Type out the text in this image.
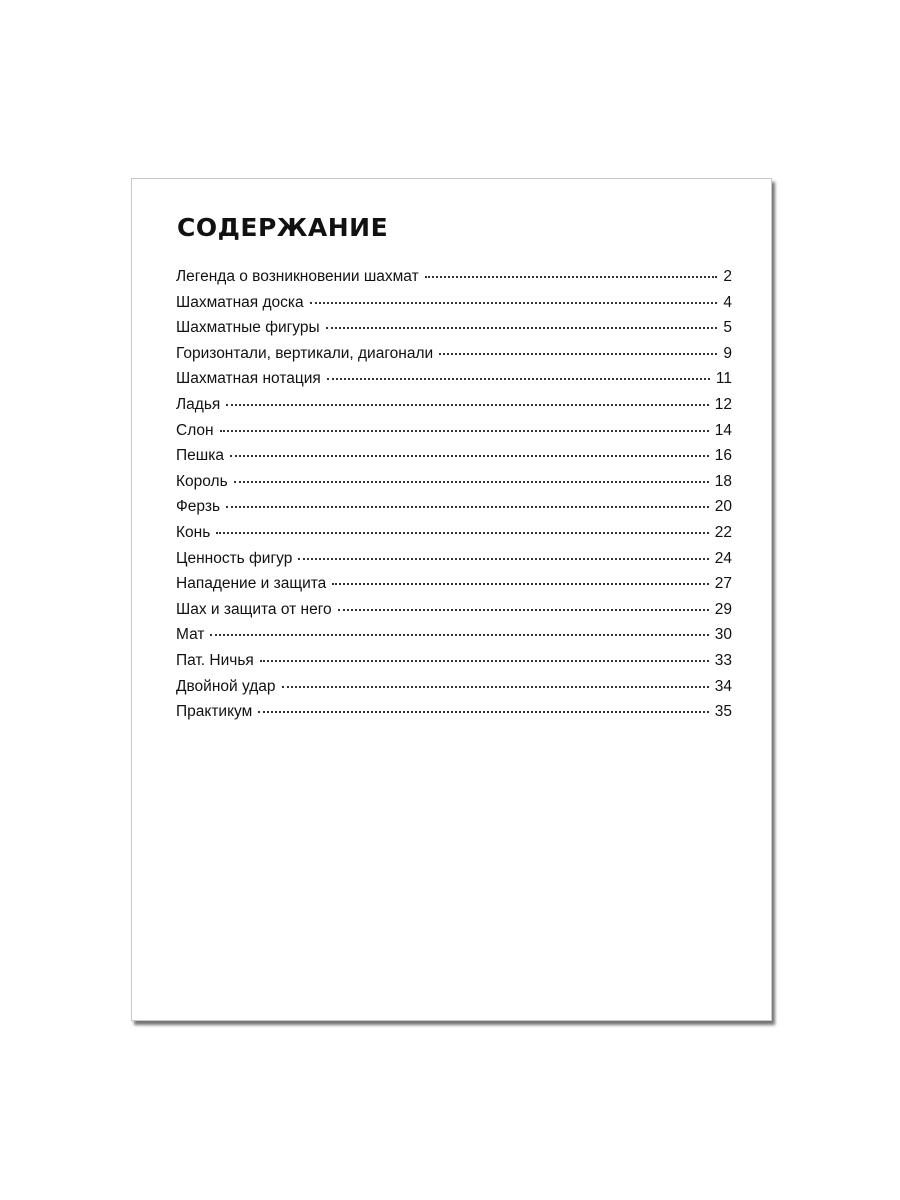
СОДЕРЖАНИЕ
Легенда о возникновении шахмат	2
Шахматная доска	4
Шахматные фигуры	5
Горизонтали, вертикали, диагонали	9
Шахматная нотация	11
Ладья	12
Слон	14
Пешка	16
Король	18
Ферзь	20
Конь	22
Ценность фигур	24
Нападение и защита	27
Шах и защита от него	29
Мат	30
Пат. Ничья	33
Двойной удар	34
Практикум	35
